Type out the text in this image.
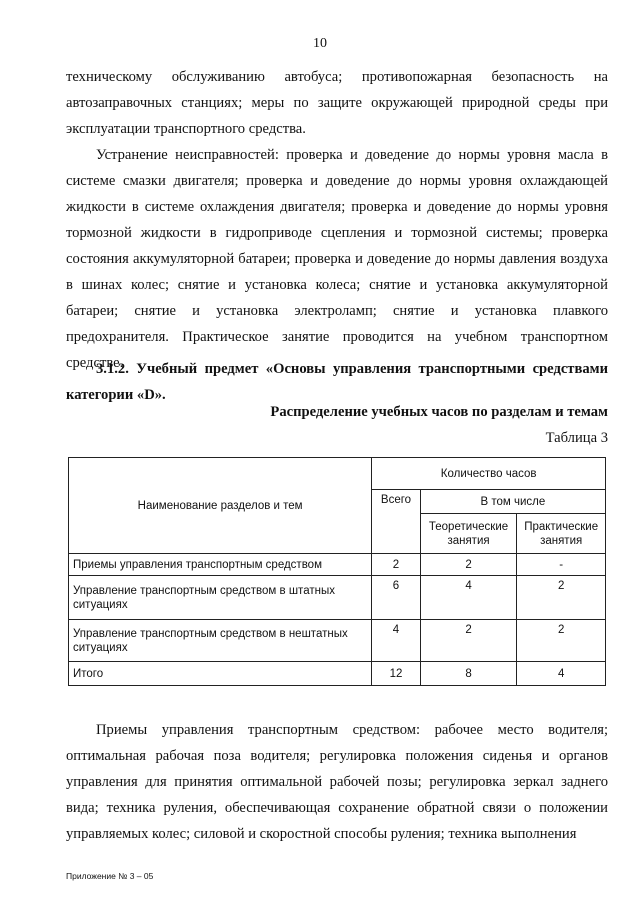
10

техническому обслуживанию автобуса; противопожарная безопасность на автозаправочных станциях; меры по защите окружающей природной среды при эксплуатации транспортного средства.

Устранение неисправностей: проверка и доведение до нормы уровня масла в системе смазки двигателя; проверка и доведение до нормы уровня охлаждающей жидкости в системе охлаждения двигателя; проверка и доведение до нормы уровня тормозной жидкости в гидроприводе сцепления и тормозной системы; проверка состояния аккумуляторной батареи; проверка и доведение до нормы давления воздуха в шинах колес; снятие и установка колеса; снятие и установка аккумуляторной батареи; снятие и установка электроламп; снятие и установка плавкого предохранителя. Практическое занятие проводится на учебном транспортном средстве.

3.1.2. Учебный предмет «Основы управления транспортными средствами категории «D».

Распределение учебных часов по разделам и темам
Таблица 3
Наименование разделов и тем	Количество часов		
	Всего	В том числе	
		Теоретические занятия	Практические занятия
Приемы управления транспортным средством	2	2	-
Управление транспортным средством в штатных ситуациях	6	4	2
Управление транспортным средством в нештатных ситуациях	4	2	2
Итого	12	8	4

Приемы управления транспортным средством: рабочее место водителя; оптимальная рабочая поза водителя; регулировка положения сиденья и органов управления для принятия оптимальной рабочей позы; регулировка зеркал заднего вида; техника руления, обеспечивающая сохранение обратной связи о положении управляемых колес; силовой и скоростной способы руления; техника выполнения

Приложение № 3 – 05
